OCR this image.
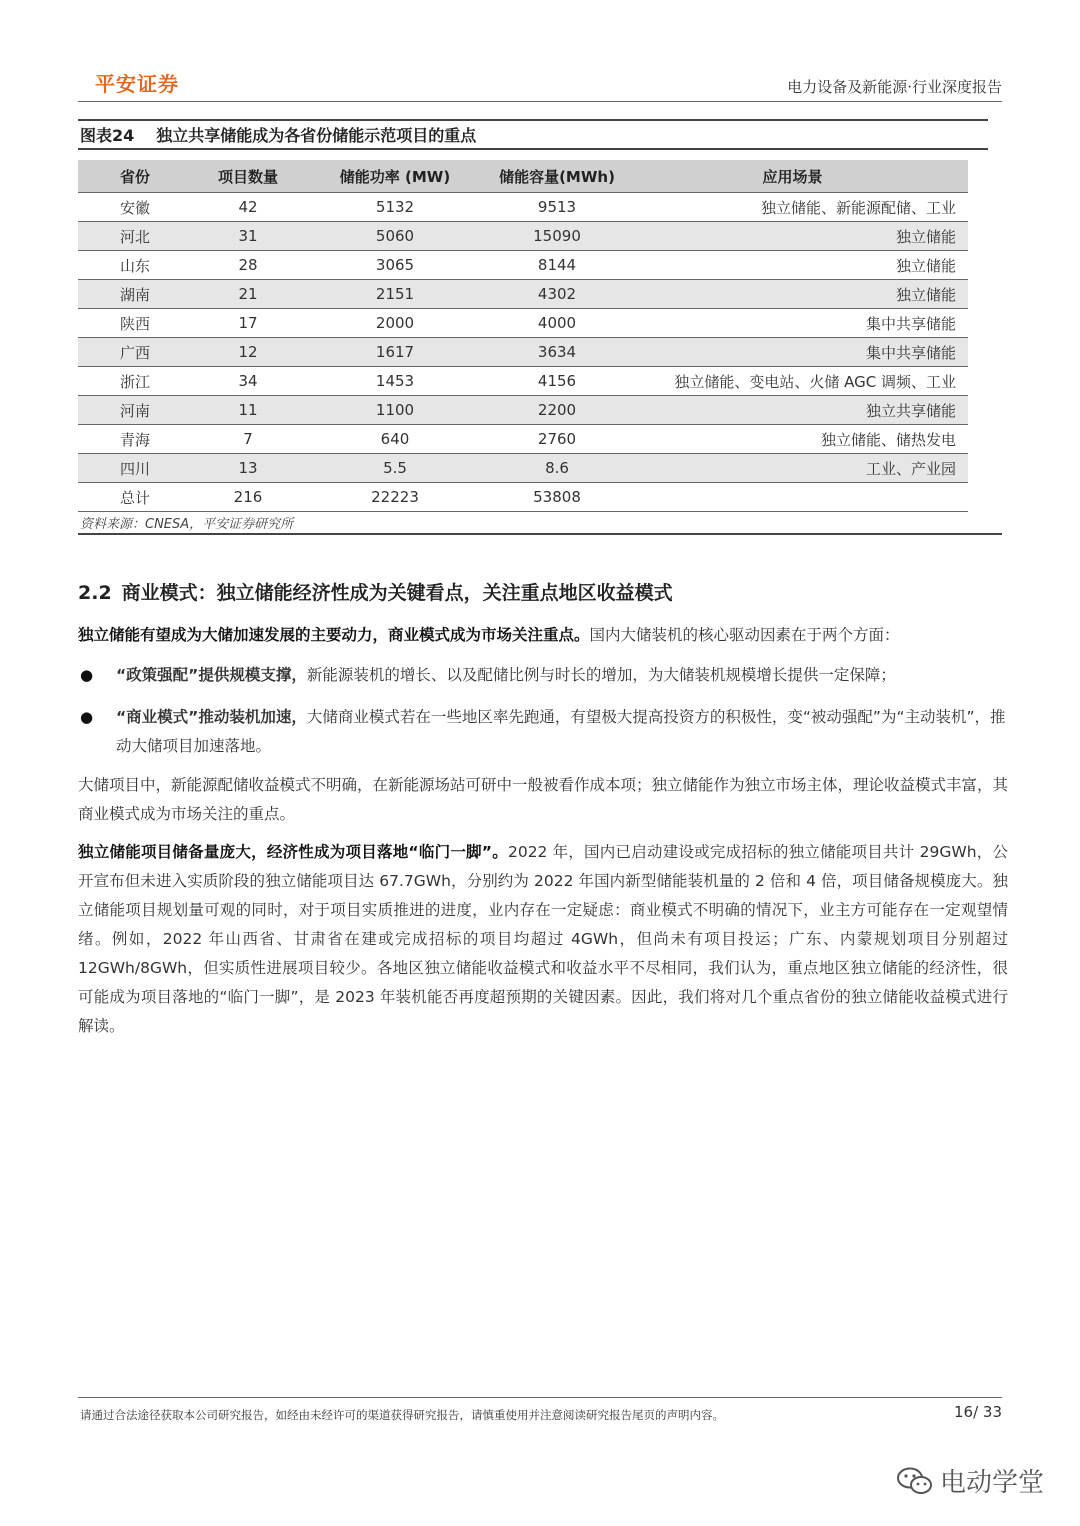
平安证券	电力设备及新能源·行业深度报告
图表24 独立共享储能成为各省份储能示范项目的重点
省份	项目数量	储能功率 (MW)	储能容量(MWh)	应用场景
安徽	42	5132	9513	独立储能、新能源配储、工业
河北	31	5060	15090	独立储能
山东	28	3065	8144	独立储能
湖南	21	2151	4302	独立储能
陕西	17	2000	4000	集中共享储能
广西	12	1617	3634	集中共享储能
浙江	34	1453	4156	独立储能、变电站、火储 AGC 调频、工业
河南	11	1100	2200	独立共享储能
青海	7	640	2760	独立储能、储热发电
四川	13	5.5	8.6	工业、产业园
总计	216	22223	53808	
资料来源：CNESA，平安证券研究所
2.2 商业模式：独立储能经济性成为关键看点，关注重点地区收益模式

独立储能有望成为大储加速发展的主要动力，商业模式成为市场关注重点。国内大储装机的核心驱动因素在于两个方面：

● “政策强配”提供规模支撑，新能源装机的增长、以及配储比例与时长的增加，为大储装机规模增长提供一定保障；
● “商业模式”推动装机加速，大储商业模式若在一些地区率先跑通，有望极大提高投资方的积极性，变“被动强配”为“主动装机”，推动大储项目加速落地。

大储项目中，新能源配储收益模式不明确，在新能源场站可研中一般被看作成本项；独立储能作为独立市场主体，理论收益模式丰富，其商业模式成为市场关注的重点。

独立储能项目储备量庞大，经济性成为项目落地“临门一脚”。2022 年，国内已启动建设或完成招标的独立储能项目共计 29GWh，公开宣布但未进入实质阶段的独立储能项目达 67.7GWh，分别约为 2022 年国内新型储能装机量的 2 倍和 4 倍，项目储备规模庞大。独立储能项目规划量可观的同时，对于项目实质推进的进度，业内存在一定疑虑：商业模式不明确的情况下，业主方可能存在一定观望情绪。例如，2022 年山西省、甘肃省在建或完成招标的项目均超过 4GWh，但尚未有项目投运；广东、内蒙规划项目分别超过 12GWh/8GWh，但实质性进展项目较少。各地区独立储能收益模式和收益水平不尽相同，我们认为，重点地区独立储能的经济性，很可能成为项目落地的“临门一脚”，是 2023 年装机能否再度超预期的关键因素。因此，我们将对几个重点省份的独立储能收益模式进行解读。

请通过合法途径获取本公司研究报告，如经由未经许可的渠道获得研究报告，请慎重使用并注意阅读研究报告尾页的声明内容。	16/ 33
电动学堂
